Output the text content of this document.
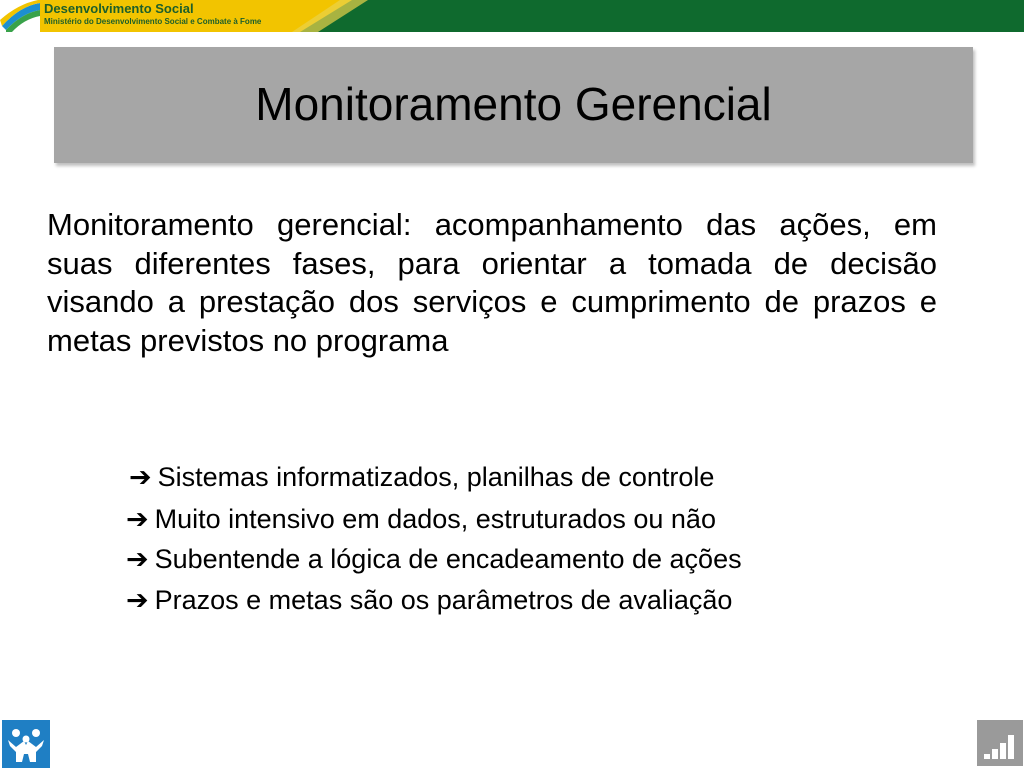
Desenvolvimento Social
Ministério do Desenvolvimento Social e Combate à Fome
Monitoramento Gerencial

Monitoramento gerencial: acompanhamento das ações, em suas diferentes fases, para orientar a tomada de decisão visando a prestação dos serviços e cumprimento de prazos e metas previstos no programa

➔ Sistemas informatizados, planilhas de controle

➔ Muito intensivo em dados, estruturados ou não

➔ Subentende a lógica de encadeamento de ações

➔ Prazos e metas são os parâmetros de avaliação
